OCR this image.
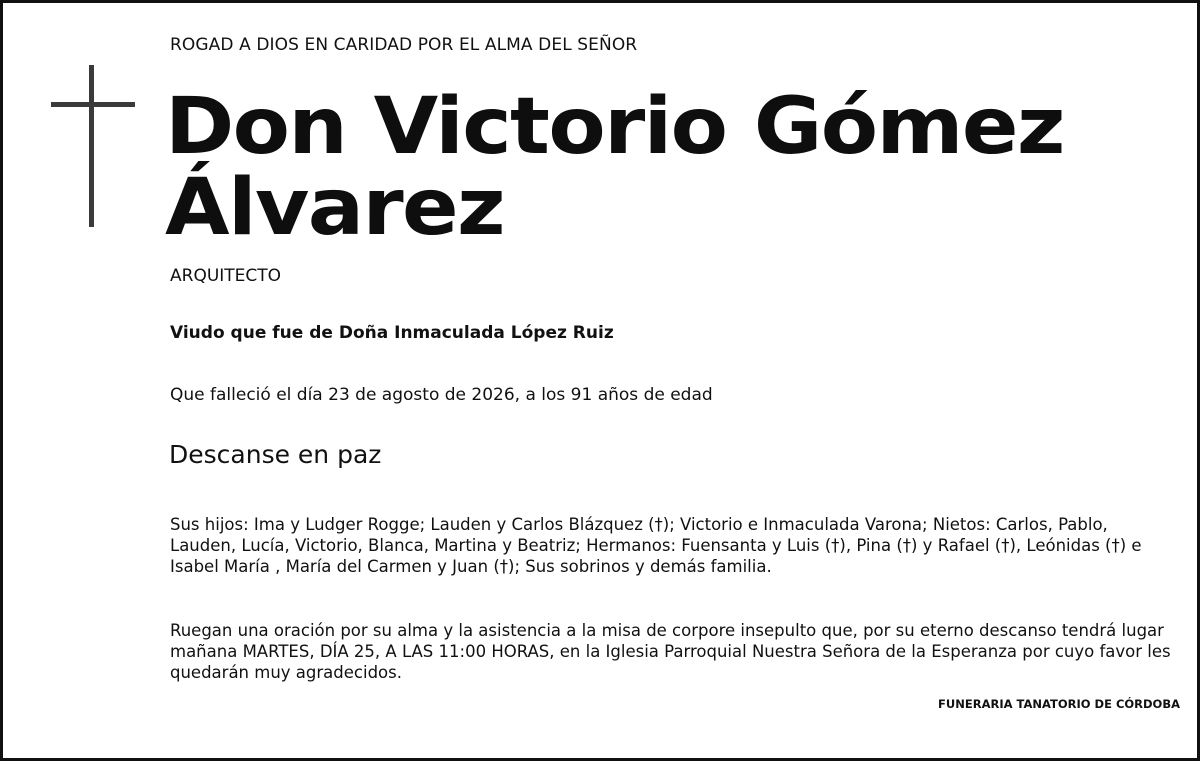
ROGAD A DIOS EN CARIDAD POR EL ALMA DEL SEÑOR
Don Victorio Gómez
Álvarez
ARQUITECTO
Viudo que fue de Doña Inmaculada López Ruiz
Que falleció el día 23 de agosto de 2026, a los 91 años de edad
Descanse en paz
Sus hijos: Ima y Ludger Rogge; Lauden y Carlos Blázquez (†); Victorio e Inmaculada Varona; Nietos: Carlos, Pablo, Lauden, Lucía, Victorio, Blanca, Martina y Beatriz; Hermanos: Fuensanta y Luis (†), Pina (†) y Rafael (†), Leónidas (†) e Isabel María , María del Carmen y Juan (†); Sus sobrinos y demás familia.
Ruegan una oración por su alma y la asistencia a la misa de corpore insepulto que, por su eterno descanso tendrá lugar mañana MARTES, DÍA 25, A LAS 11:00 HORAS, en la Iglesia Parroquial Nuestra Señora de la Esperanza por cuyo favor les quedarán muy agradecidos.
FUNERARIA TANATORIO DE CÓRDOBA
